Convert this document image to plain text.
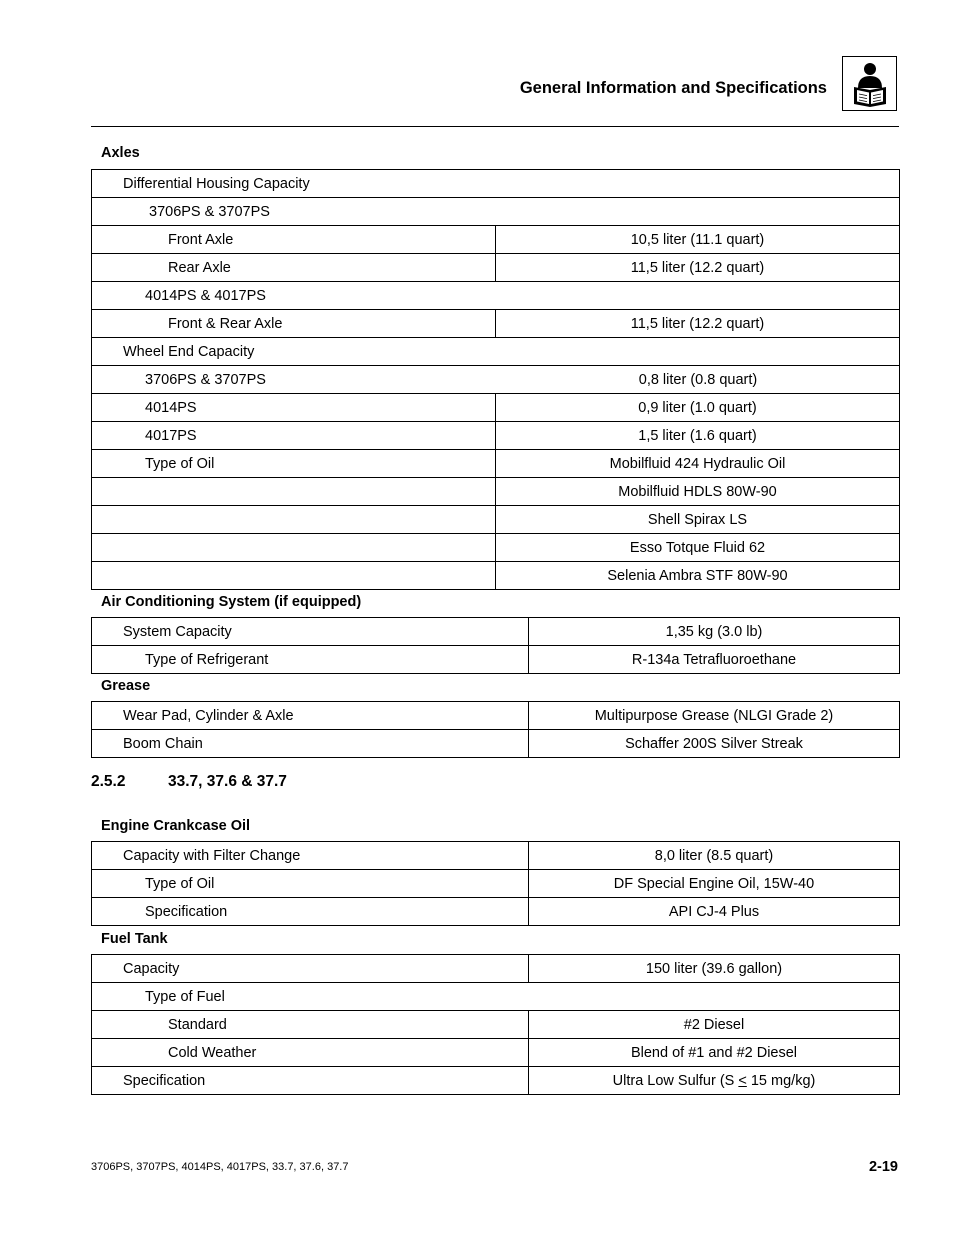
General Information and Specifications
Axles
Differential Housing Capacity	
3706PS & 3707PS	
Front Axle	10,5 liter (11.1 quart)
Rear Axle	11,5 liter (12.2 quart)
4014PS & 4017PS	
Front & Rear Axle	11,5 liter (12.2 quart)
Wheel End Capacity	
3706PS & 3707PS 0,8 liter (0.8 quart)	

4014PS	0,9 liter (1.0 quart)
4017PS	1,5 liter (1.6 quart)
Type of Oil	Mobilfluid 424 Hydraulic Oil
	Mobilfluid HDLS 80W-90
	Shell Spirax LS
	Esso Totque Fluid 62
	Selenia Ambra STF 80W-90
Air Conditioning System (if equipped)
System Capacity	1,35 kg (3.0 lb)
Type of Refrigerant	R-134a Tetrafluoroethane
Grease
Wear Pad, Cylinder & Axle	Multipurpose Grease (NLGI Grade 2)
Boom Chain	Schaffer 200S Silver Streak
2.5.2	33.7, 37.6 & 37.7
Engine Crankcase Oil
Capacity with Filter Change	8,0 liter (8.5 quart)
Type of Oil	DF Special Engine Oil, 15W-40
Specification	API CJ-4 Plus
Fuel Tank
Capacity	150 liter (39.6 gallon)
Type of Fuel	
Standard	#2 Diesel
Cold Weather	Blend of #1 and #2 Diesel
Specification	Ultra Low Sulfur (S ≤ 15 mg/kg)
3706PS, 3707PS, 4014PS, 4017PS, 33.7, 37.6, 37.7	2-19
